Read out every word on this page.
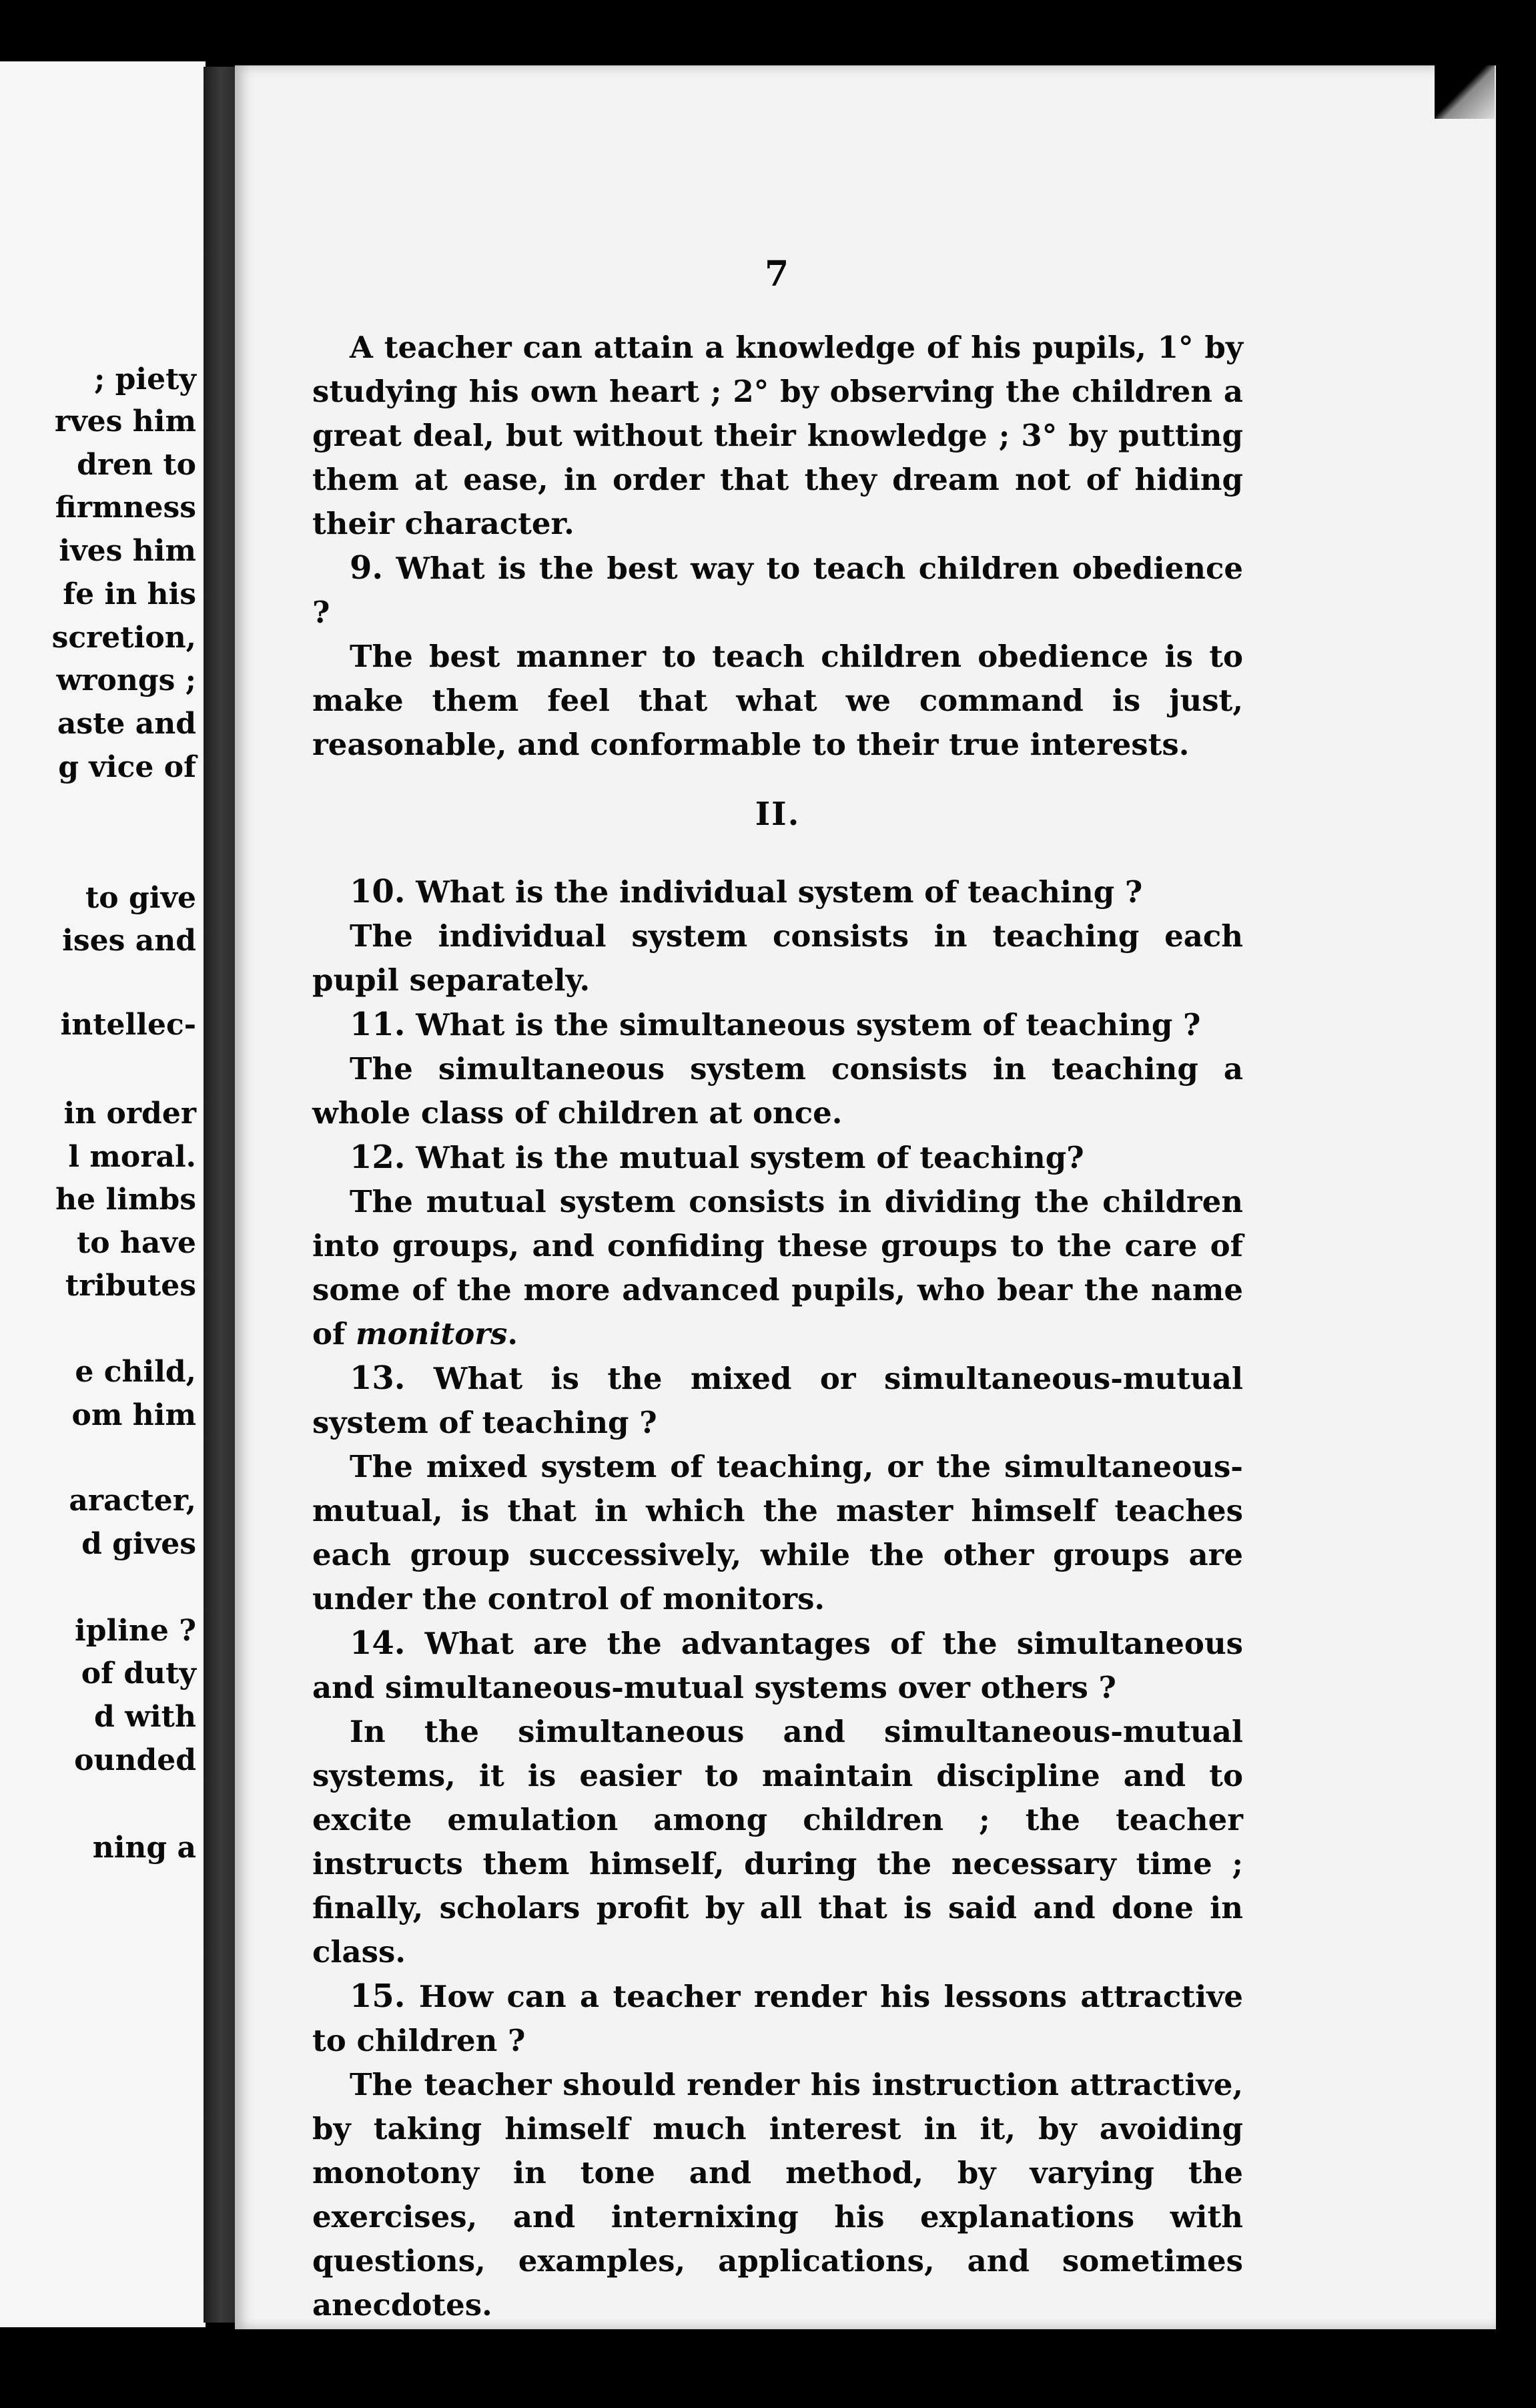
; piety
rves him
dren to
firmness
ives him
fe in his
scretion,
wrongs ;
aste and
g vice of
to give
ises and
intellec-
in order
l moral.
he limbs
to have
tributes
e child,
om him
aracter,
d gives
ipline ?
of duty
d with
ounded
ning a
7

A teacher can attain a knowledge of his pupils, 1° by studying his own heart ; 2° by observing the children a great deal, but without their knowledge ; 3° by putting them at ease, in order that they dream not of hiding their character.

9. What is the best way to teach children obedience ?

The best manner to teach children obedience is to make them feel that what we command is just, reasonable, and conformable to their true interests.

II.

10. What is the individual system of teaching ?

The individual system consists in teaching each pupil separately.

11. What is the simultaneous system of teaching ?

The simultaneous system consists in teaching a whole class of children at once.

12. What is the mutual system of teaching?

The mutual system consists in dividing the children into groups, and confiding these groups to the care of some of the more advanced pupils, who bear the name of monitors.

13. What is the mixed or simultaneous-mutual system of teaching ?

The mixed system of teaching, or the simultaneous-mutual, is that in which the master himself teaches each group successively, while the other groups are under the control of monitors.

14. What are the advantages of the simultaneous and simultaneous-mutual systems over others ?

In the simultaneous and simultaneous-mutual systems, it is easier to maintain discipline and to excite emulation among children ; the teacher instructs them himself, during the necessary time ; finally, scholars profit by all that is said and done in class.

15. How can a teacher render his lessons attractive to children ?

The teacher should render his instruction attractive, by taking himself much interest in it, by avoiding monotony in tone and method, by varying the exercises, and internixing his explanations with questions, examples, applications, and sometimes anecdotes.
